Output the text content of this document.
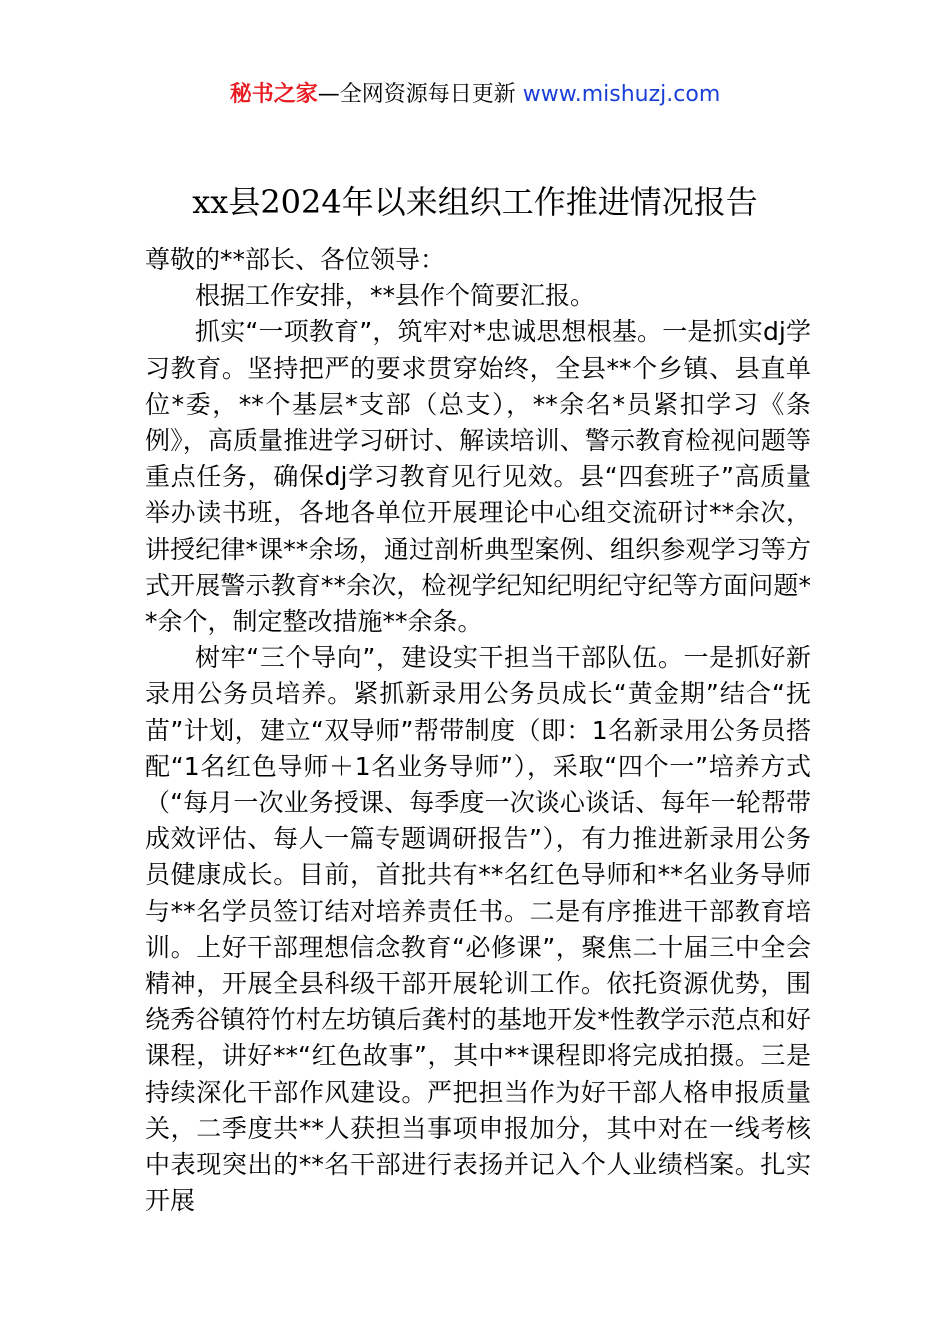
秘书之家—全网资源每日更新 www.mishuzj.com
xx县2024年以来组织工作推进情况报告

尊敬的**部长、各位领导：

根据工作安排，**县作个简要汇报。

抓实“一项教育”，筑牢对*忠诚思想根基。一是抓实dj学习教育。坚持把严的要求贯穿始终，全县**个乡镇、县直单位*委，**个基层*支部（总支），**余名*员紧扣学习《条例》，高质量推进学习研讨、解读培训、警示教育检视问题等重点任务，确保dj学习教育见行见效。县“四套班子”高质量举办读书班，各地各单位开展理论中心组交流研讨**余次，讲授纪律*课**余场，通过剖析典型案例、组织参观学习等方式开展警示教育**余次，检视学纪知纪明纪守纪等方面问题**余个，制定整改措施**余条。

树牢“三个导向”，建设实干担当干部队伍。一是抓好新录用公务员培养。紧抓新录用公务员成长“黄金期”结合“抚苗”计划，建立“双导师”帮带制度（即：1名新录用公务员搭配“1名红色导师＋1名业务导师”），采取“四个一”培养方式（“每月一次业务授课、每季度一次谈心谈话、每年一轮帮带成效评估、每人一篇专题调研报告”），有力推进新录用公务员健康成长。目前，首批共有**名红色导师和**名业务导师与**名学员签订结对培养责任书。二是有序推进干部教育培训。上好干部理想信念教育“必修课”，聚焦二十届三中全会精神，开展全县科级干部开展轮训工作。依托资源优势，围绕秀谷镇符竹村左坊镇后龚村的基地开发*性教学示范点和好课程，讲好**“红色故事”，其中**课程即将完成拍摄。三是持续深化干部作风建设。严把担当作为好干部人格申报质量关，二季度共**人获担当事项申报加分，其中对在一线考核中表现突出的**名干部进行表扬并记入个人业绩档案。扎实开展
